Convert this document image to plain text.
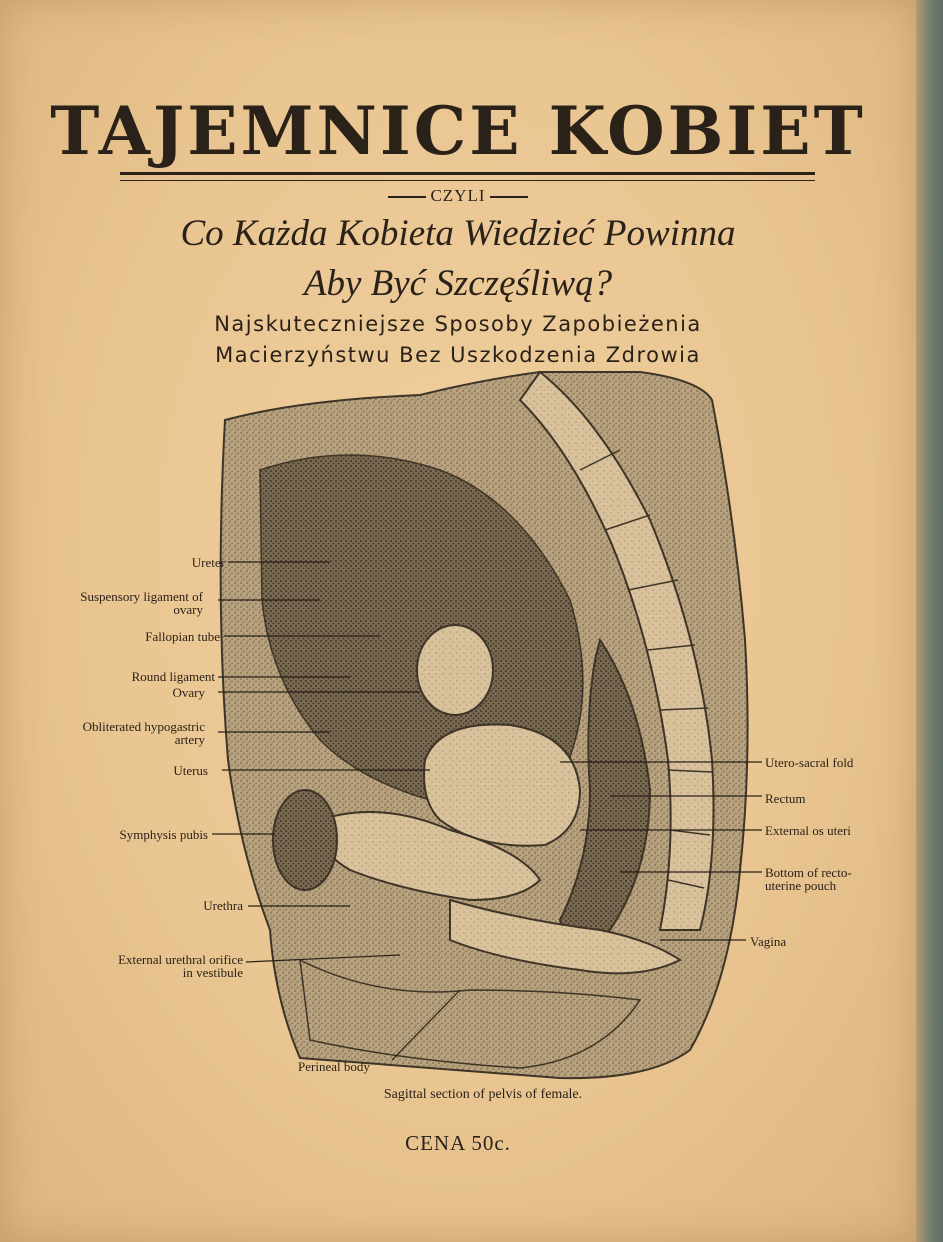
TAJEMNICE KOBIET
CZYLI
Co Każda Kobieta Wiedzieć Powinna
Aby Być Szczęśliwą?
Najskuteczniejsze Sposoby Zapobieżenia
Macierzyństwu Bez Uszkodzenia Zdrowia
Ureter
Suspensory ligament of ovary
Fallopian tube
Round ligament
Ovary
Obliterated hypogastric artery
Uterus
Symphysis pubis
Urethra
External urethral orifice in vestibule
Perineal body
Utero-sacral fold
Rectum
External os uteri
Bottom of recto-uterine pouch
Vagina
Sagittal section of pelvis of female.
CENA 50c.
